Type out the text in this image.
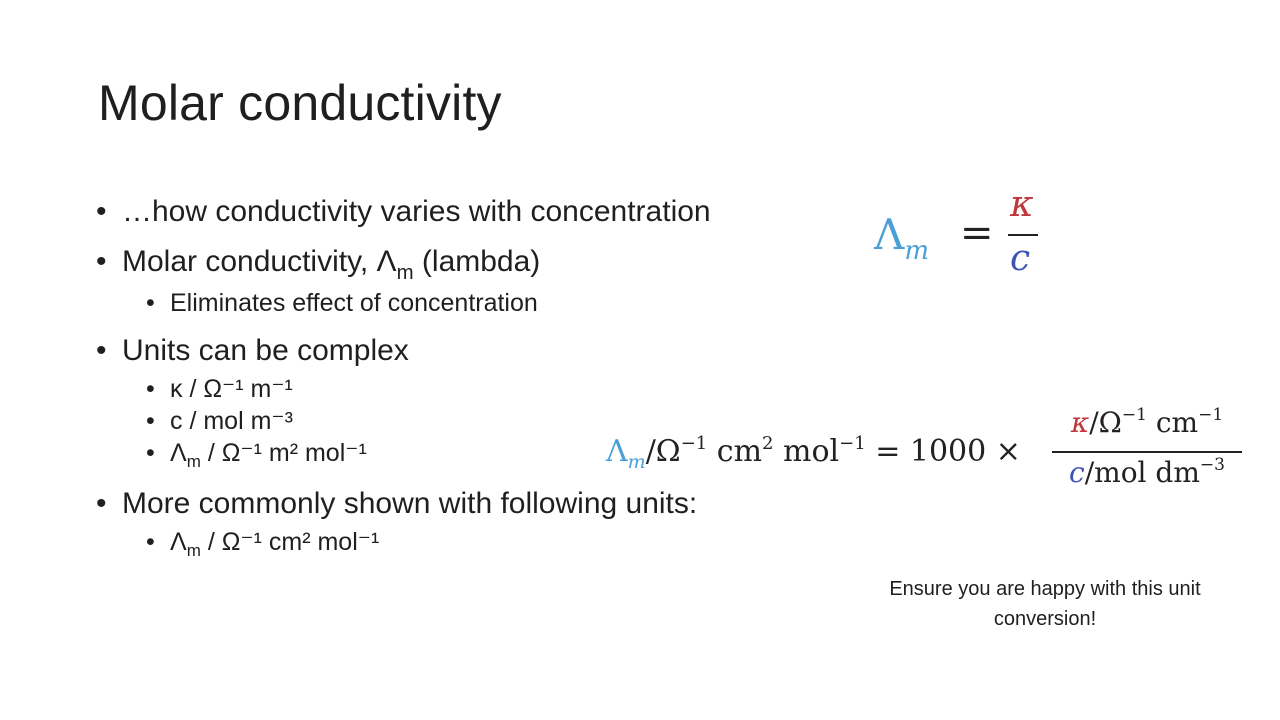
Molar conductivity
• …how conductivity varies with concentration
• Molar conductivity, $\Lambda_m$ (lambda)
• Eliminates effect of concentration
• Units can be complex
• κ / Ω⁻¹ m⁻¹
• c / mol m⁻³
• $\Lambda_m / \Omega^{-1}$ m² mol⁻¹
• More commonly shown with following units:
• $\Lambda_m / \Omega^{-1}$ cm² mol⁻¹
$\Lambda_m$ =
κ
c
$\Lambda_m/\Omega^{-1}$ $cm^2$ mol$^{-1}$ = 1000 ×
$\kappa/\Omega^{-1}$ $cm^{-1}$
c/mol $dm^{-3}$
Ensure you are happy with this unit conversion!
